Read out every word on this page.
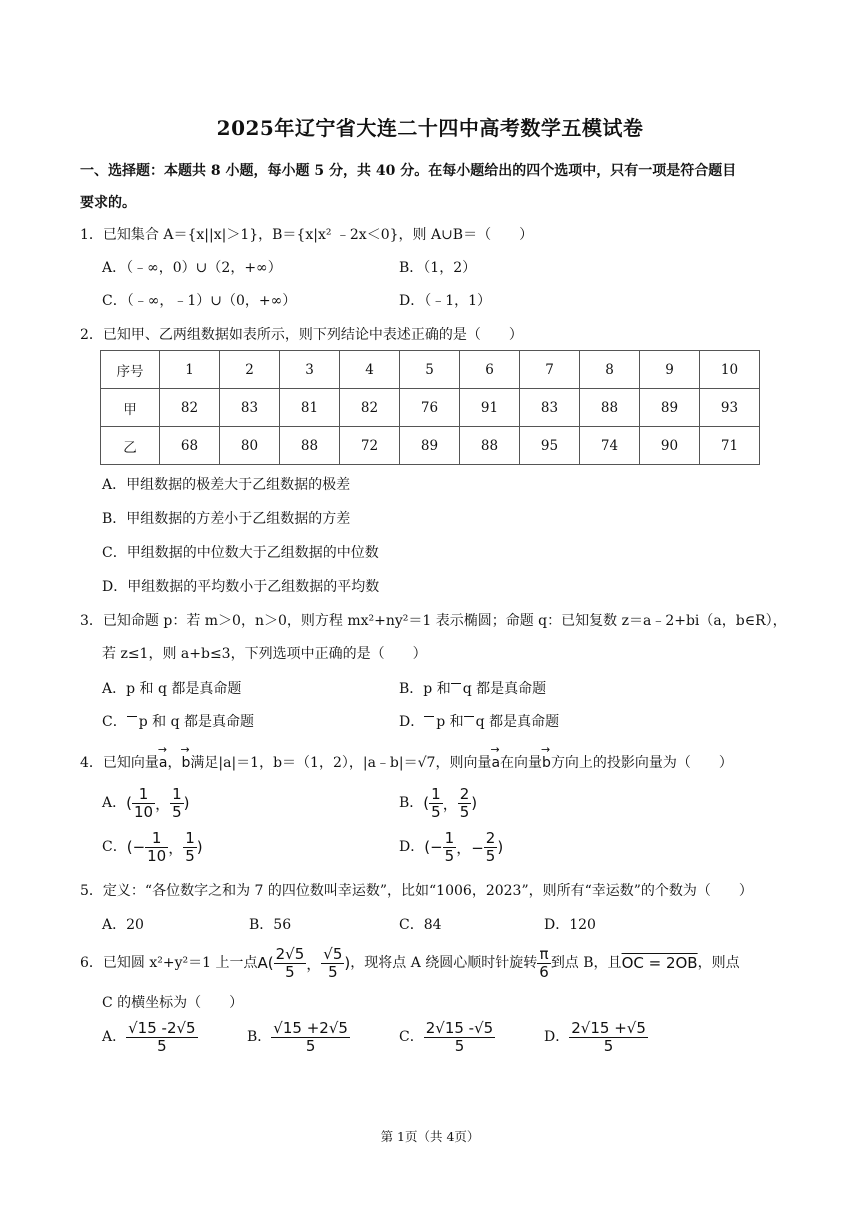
2025年辽宁省大连二十四中高考数学五模试卷
一、选择题：本题共 8 小题，每小题 5 分，共 40 分。在每小题给出的四个选项中，只有一项是符合题目
要求的。
1．已知集合 A＝{x||x|＞1}，B＝{x|x² ﹣2x＜0}，则 A∪B＝（　　）
A．（﹣∞，0）∪（2，+∞）	B．（1，2）
C．（﹣∞，﹣1）∪（0，+∞）	D．（﹣1，1）
2．已知甲、乙两组数据如表所示，则下列结论中表述正确的是（　　）
序号	1	2	3	4	5	6	7	8	9	10
甲	82	83	81	82	76	91	83	88	89	93
乙	68	80	88	72	89	88	95	74	90	71
A．甲组数据的极差大于乙组数据的极差
B．甲组数据的方差小于乙组数据的方差
C．甲组数据的中位数大于乙组数据的中位数
D．甲组数据的平均数小于乙组数据的平均数
3．已知命题 p：若 m＞0，n＞0，则方程 mx²+ny²＝1 表示椭圆；命题 q：已知复数 z＝a﹣2+bi（a，b∈R），
若 z≤1，则 a+b≤3，下列选项中正确的是（　　）
A．p 和 q 都是真命题	B．p 和 q 都是真命题
C． p 和 q 都是真命题	D． p 和 q 都是真命题
4．已知向量→ a，→ b满足|a|＝1，b＝（1，2），|a﹣b|＝√7，则向量→ a在向量→ b方向上的投影向量为（　　）
A．( $\frac{1}{10}$ ， $\frac{1}{5}$ )	B．( $\frac{1}{5}$ ， $\frac{2}{5}$ )
C．(− $\frac{1}{10}$ ， $\frac{1}{5}$ )	D．(− $\frac{1}{5}$ ，− $\frac{2}{5}$ )
5．定义：“各位数字之和为 7 的四位数叫幸运数”，比如“1006，2023”，则所有“幸运数”的个数为（　　）
A．20	B．56	C．84	D．120
6．已知圆 x²+y²＝1 上一点$A( \frac{2√5}{5}$ ， $\frac{√5}{5}$ )，现将点 A 绕圆心顺时针旋转 $\frac{\pi}{6}$ 到点 B，且OC = 2OB，则点
C 的横坐标为（　　）
A． $\frac{√15 -2√5}{5}$	B． $\frac{√15 +2√5}{5}$	C． $\frac{2√15 -√5}{5}$	D． $\frac{2√15 +√5}{5}$
第 1页（共 4页）
